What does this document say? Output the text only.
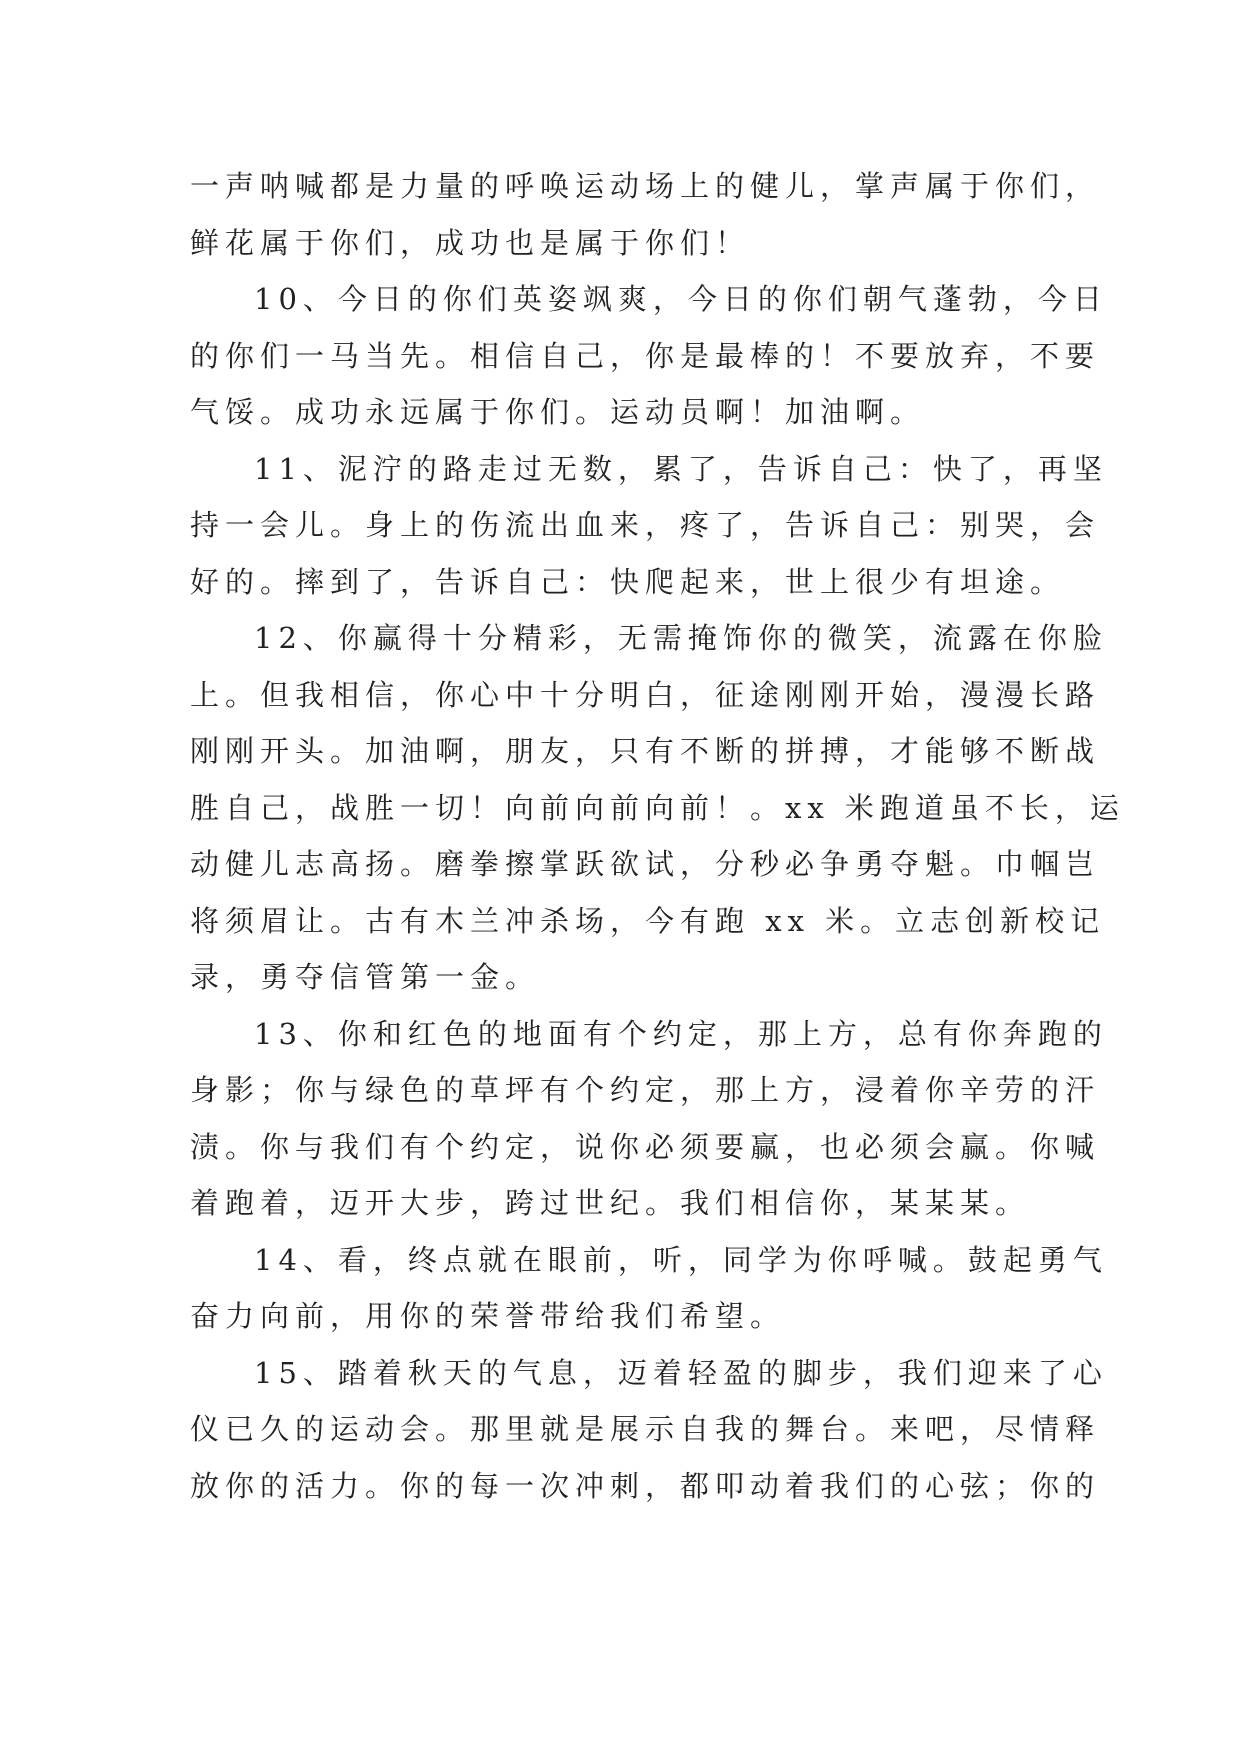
一声呐喊都是力量的呼唤运动场上的健儿，掌声属于你们，
鲜花属于你们，成功也是属于你们！
10、今日的你们英姿飒爽，今日的你们朝气蓬勃，今日
的你们一马当先。相信自己，你是最棒的！不要放弃，不要
气馁。成功永远属于你们。运动员啊！加油啊。
11、泥泞的路走过无数，累了，告诉自己：快了，再坚
持一会儿。身上的伤流出血来，疼了，告诉自己：别哭，会
好的。摔到了，告诉自己：快爬起来，世上很少有坦途。
12、你赢得十分精彩，无需掩饰你的微笑，流露在你脸
上。但我相信，你心中十分明白，征途刚刚开始，漫漫长路
刚刚开头。加油啊，朋友，只有不断的拼搏，才能够不断战
胜自己，战胜一切！向前向前向前！。xx 米跑道虽不长，运
动健儿志高扬。磨拳擦掌跃欲试，分秒必争勇夺魁。巾帼岂
将须眉让。古有木兰冲杀场，今有跑 xx 米。立志创新校记
录，勇夺信管第一金。
13、你和红色的地面有个约定，那上方，总有你奔跑的
身影；你与绿色的草坪有个约定，那上方，浸着你辛劳的汗
渍。你与我们有个约定，说你必须要赢，也必须会赢。你喊
着跑着，迈开大步，跨过世纪。我们相信你，某某某。
14、看，终点就在眼前，听，同学为你呼喊。鼓起勇气
奋力向前，用你的荣誉带给我们希望。
15、踏着秋天的气息，迈着轻盈的脚步，我们迎来了心
仪已久的运动会。那里就是展示自我的舞台。来吧，尽情释
放你的活力。你的每一次冲刺，都叩动着我们的心弦；你的
